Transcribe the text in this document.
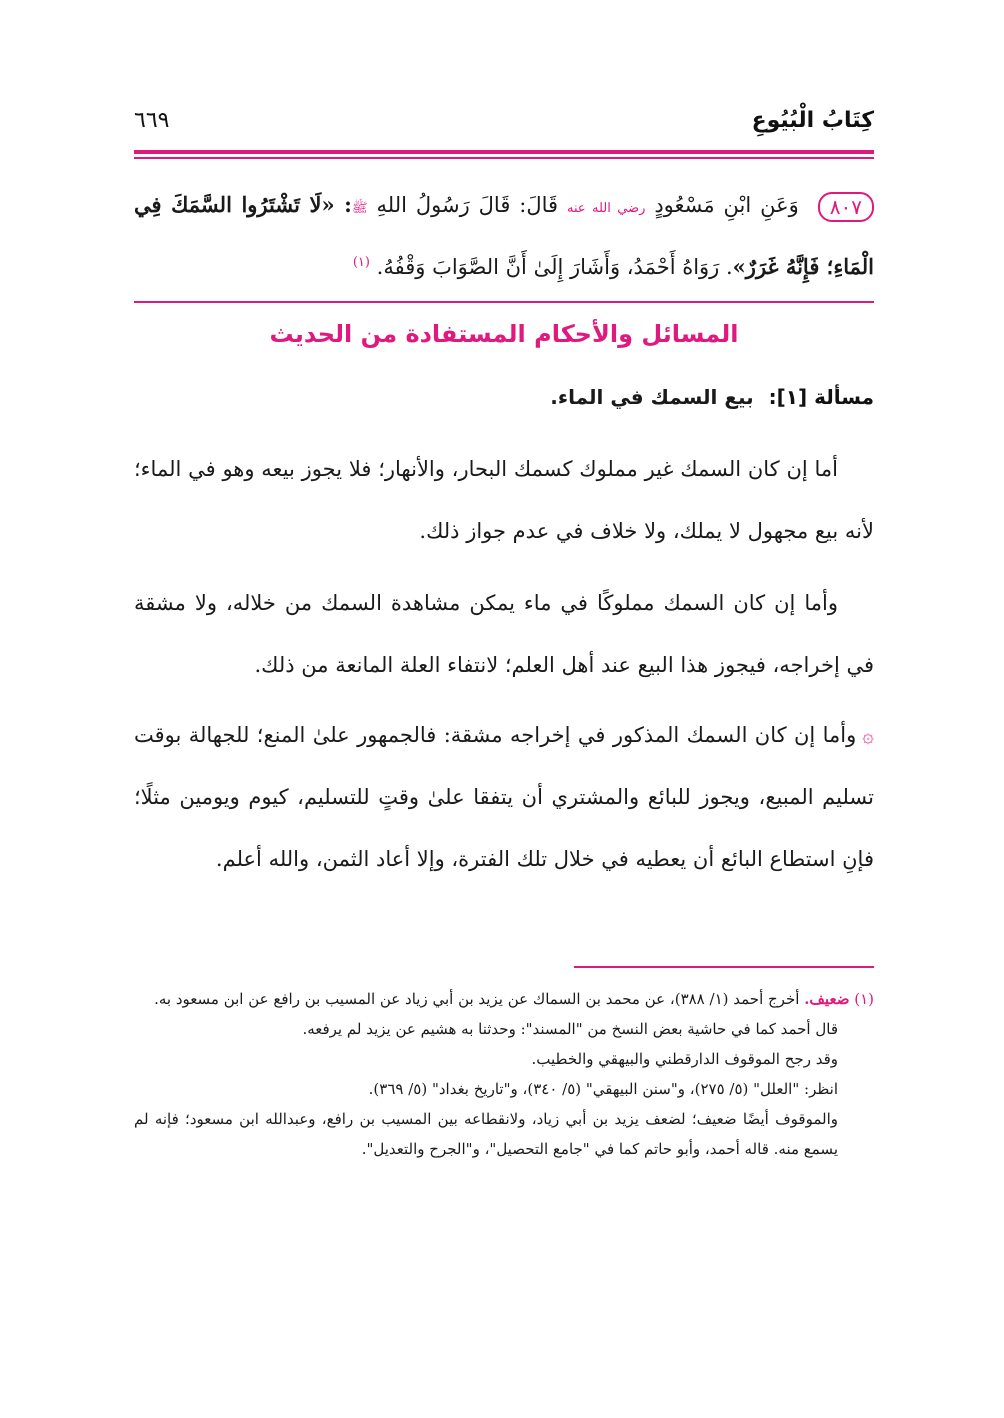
كِتَابُ الْبُيُوعِ
٦٦٩
٨٠٧ وَعَنِ ابْنِ مَسْعُودٍ رضي الله عنه قَالَ: قَالَ رَسُولُ اللهِ ﷺ: «لَا تَشْتَرُوا السَّمَكَ فِي الْمَاءِ؛ فَإِنَّهُ غَرَرٌ». رَوَاهُ أَحْمَدُ، وَأَشَارَ إِلَىٰ أَنَّ الصَّوَابَ وَقْفُهُ. $^{(١)}$
المسائل والأحكام المستفادة من الحديث
مسألة [١]: بيع السمك في الماء.
أما إن كان السمك غير مملوك كسمك البحار، والأنهار؛ فلا يجوز بيعه وهو في الماء؛ لأنه بيع مجهول لا يملك، ولا خلاف في عدم جواز ذلك.
وأما إن كان السمك مملوكًا في ماء يمكن مشاهدة السمك من خلاله، ولا مشقة في إخراجه، فيجوز هذا البيع عند أهل العلم؛ لانتفاء العلة المانعة من ذلك.
۞وأما إن كان السمك المذكور في إخراجه مشقة: فالجمهور علىٰ المنع؛ للجهالة بوقت تسليم المبيع، ويجوز للبائع والمشتري أن يتفقا علىٰ وقتٍ للتسليم، كيوم ويومين مثلًا؛ فإنِ استطاع البائع أن يعطيه في خلال تلك الفترة، وإلا أعاد الثمن، والله أعلم.
(١) ضعيف. أخرج أحمد (١/ ٣٨٨)، عن محمد بن السماك عن يزيد بن أبي زياد عن المسيب بن رافع عن ابن مسعود به.
قال أحمد كما في حاشية بعض النسخ من "المسند": وحدثنا به هشيم عن يزيد لم يرفعه.
وقد رجح الموقوف الدارقطني والبيهقي والخطيب.
انظر: "العلل" (٥/ ٢٧٥)، و"سنن البيهقي" (٥/ ٣٤٠)، و"تاريخ بغداد" (٥/ ٣٦٩).
والموقوف أيضًا ضعيف؛ لضعف يزيد بن أبي زياد، ولانقطاعه بين المسيب بن رافع، وعبدالله ابن مسعود؛ فإنه لم يسمع منه. قاله أحمد، وأبو حاتم كما في "جامع التحصيل"، و"الجرح والتعديل".
